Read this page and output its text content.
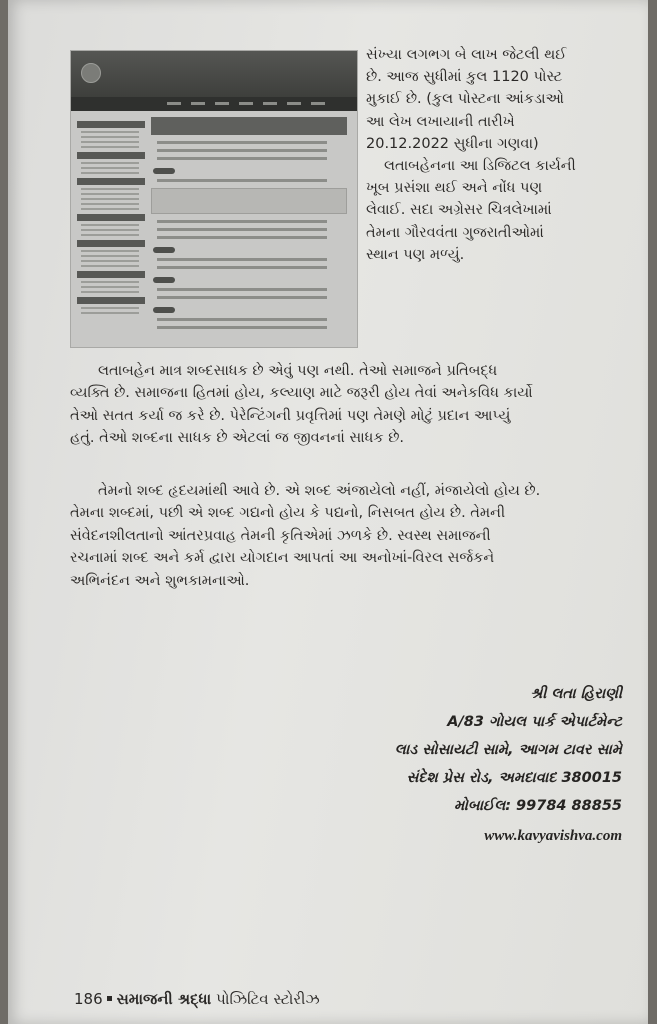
સંખ્યા લગભગ બે લાખ જેટલી થઈ

છે. આજ સુધીમાં કુલ 1120 પોસ્ટ

મુકાઈ છે. (કુલ પોસ્ટના આંકડાઓ

આ લેખ લખાયાની તારીખે

20.12.2022 સુધીના ગણવા)

લતાબહેનના આ ડિજિટલ કાર્યની

ખૂબ પ્રસંશા થઈ અને નોંધ પણ

લેવાઈ. સદા અગ્રેસર ચિત્રલેખામાં

તેમના ગૌરવવંતા ગુજરાતીઓમાં

સ્થાન પણ મળ્યું.

લતાબહેન માત્ર શબ્દસાધક છે એવું પણ નથી. તેઓ સમાજને પ્રતિબદ્ધ

વ્યક્તિ છે. સમાજના હિતમાં હોય, કલ્યાણ માટે જરૂરી હોય તેવાં અનેકવિધ કાર્યો

તેઓ સતત કર્યા જ કરે છે. પેરેન્ટિંગની પ્રવૃત્તિમાં પણ તેમણે મોટું પ્રદાન આપ્યું

હતું. તેઓ શબ્દના સાધક છે એટલાં જ જીવનનાં સાધક છે.

તેમનો શબ્દ હૃદયમાંથી આવે છે. એ શબ્દ અંજાયેલો નહીં, મંજાયેલો હોય છે.

તેમના શબ્દમાં, પછી એ શબ્દ ગદ્યનો હોય કે પદ્યનો, નિસબત હોય છે. તેમની

સંવેદનશીલતાનો આંતરપ્રવાહ તેમની કૃતિએમાં ઝળકે છે. સ્વસ્થ સમાજની

રચનામાં શબ્દ અને કર્મ દ્વારા યોગદાન આપતાં આ અનોખાં-વિરલ સર્જકને

અભિનંદન અને શુભકામનાઓ.

શ્રી લતા હિરાણી
A/83 ગોયલ પાર્ક એપાર્ટમેન્ટ
લાડ સોસાયટી સામે, આગમ ટાવર સામે
સંદેશ પ્રેસ રોડ, અમદાવાદ 380015
મોબાઈલ: 99784 88855
www.kavyavishva.com
186 સમાજની શ્રદ્ધા પોઝિટિવ સ્ટોરીઝ
